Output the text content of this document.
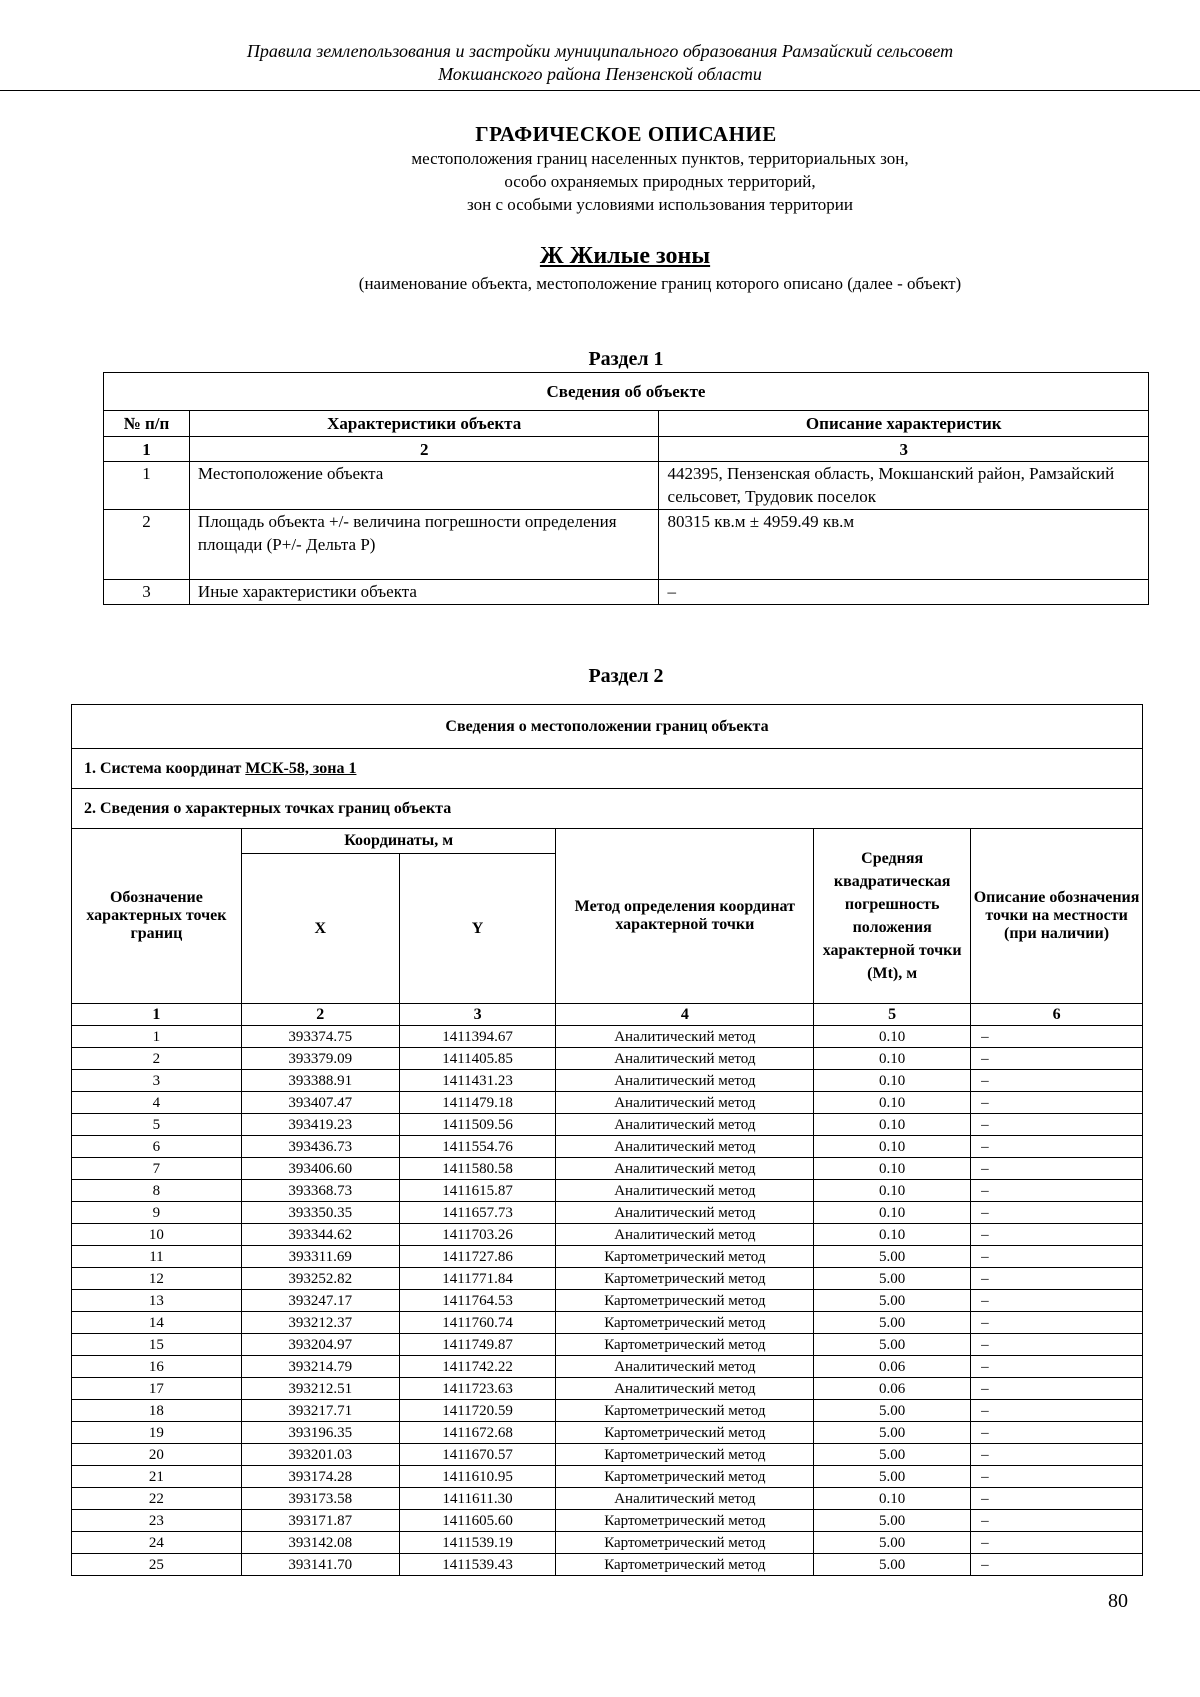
Правила землепользования и застройки муниципального образования Рамзайский сельсовет
Мокшанского района Пензенской области
ГРАФИЧЕСКОЕ ОПИСАНИЕ
местоположения границ населенных пунктов, территориальных зон,
особо охраняемых природных территорий,
зон с особыми условиями использования территории
Ж Жилые зоны
(наименование объекта, местоположение границ которого описано (далее - объект)
Раздел 1
Сведения об объекте		
№ п/п	Характеристики объекта	Описание характеристик
1	2	3
1	Местоположение объекта	442395, Пензенская область, Мокшанский район, Рамзайский сельсовет, Трудовик поселок
2	Площадь объекта +/- величина погрешности определения площади (Р+/- Дельта Р)	80315 кв.м ± 4959.49 кв.м
3	Иные характеристики объекта	–
Раздел 2
Сведения о местоположении границ объекта					
1. Система координат МСК-58, зона 1					
2. Сведения о характерных точках границ объекта					
Обозначение характерных точек границ	Координаты, м		Метод определения координат характерной точки	Средняя квадратическая погрешность положения характерной точки (Mt), м	Описание обозначения точки на местности (при наличии)
	X	Y			
1	2	3	4	5	6
1	393374.75	1411394.67	Аналитический метод	0.10	–
2	393379.09	1411405.85	Аналитический метод	0.10	–
3	393388.91	1411431.23	Аналитический метод	0.10	–
4	393407.47	1411479.18	Аналитический метод	0.10	–
5	393419.23	1411509.56	Аналитический метод	0.10	–
6	393436.73	1411554.76	Аналитический метод	0.10	–
7	393406.60	1411580.58	Аналитический метод	0.10	–
8	393368.73	1411615.87	Аналитический метод	0.10	–
9	393350.35	1411657.73	Аналитический метод	0.10	–
10	393344.62	1411703.26	Аналитический метод	0.10	–
11	393311.69	1411727.86	Картометрический метод	5.00	–
12	393252.82	1411771.84	Картометрический метод	5.00	–
13	393247.17	1411764.53	Картометрический метод	5.00	–
14	393212.37	1411760.74	Картометрический метод	5.00	–
15	393204.97	1411749.87	Картометрический метод	5.00	–
16	393214.79	1411742.22	Аналитический метод	0.06	–
17	393212.51	1411723.63	Аналитический метод	0.06	–
18	393217.71	1411720.59	Картометрический метод	5.00	–
19	393196.35	1411672.68	Картометрический метод	5.00	–
20	393201.03	1411670.57	Картометрический метод	5.00	–
21	393174.28	1411610.95	Картометрический метод	5.00	–
22	393173.58	1411611.30	Аналитический метод	0.10	–
23	393171.87	1411605.60	Картометрический метод	5.00	–
24	393142.08	1411539.19	Картометрический метод	5.00	–
25	393141.70	1411539.43	Картометрический метод	5.00	–
80
